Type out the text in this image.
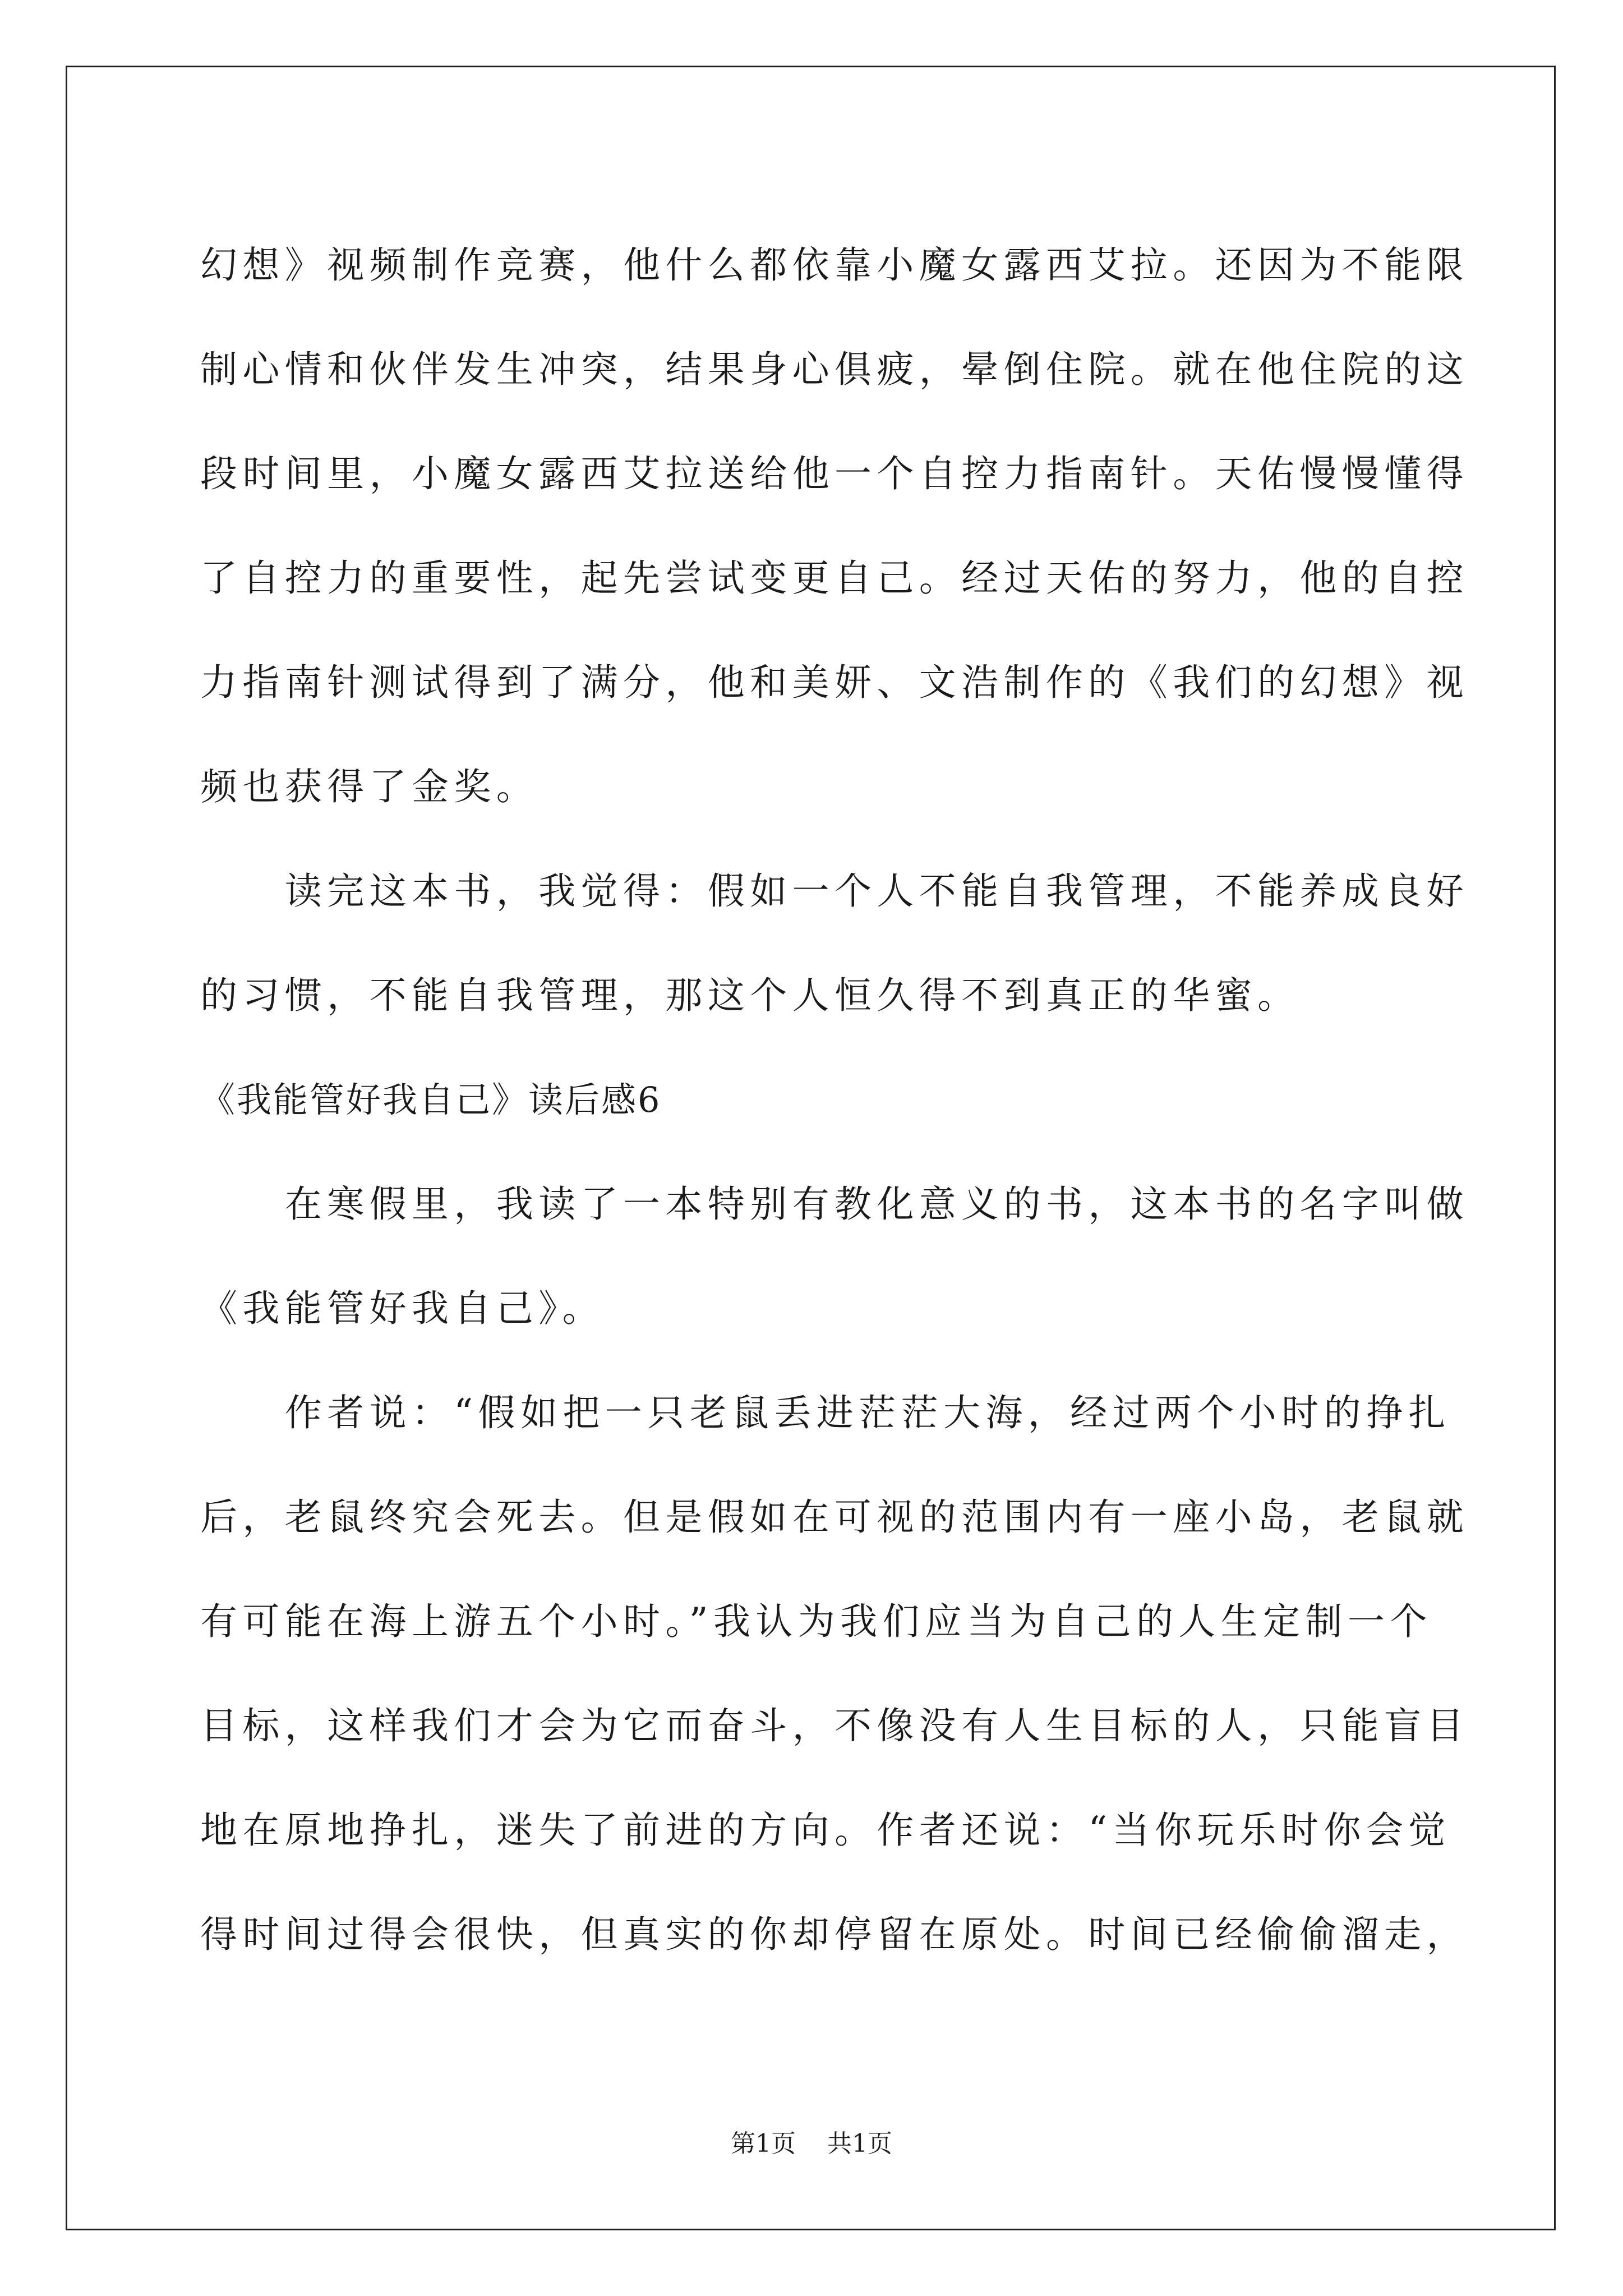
幻想》视频制作竞赛，他什么都依靠小魔女露西艾拉。还因为不能限
制心情和伙伴发生冲突，结果身心俱疲，晕倒住院。就在他住院的这
段时间里，小魔女露西艾拉送给他一个自控力指南针。天佑慢慢懂得
了自控力的重要性，起先尝试变更自己。经过天佑的努力，他的自控
力指南针测试得到了满分，他和美妍、文浩制作的《我们的幻想》视
频也获得了金奖。
　　读完这本书，我觉得：假如一个人不能自我管理，不能养成良好
的习惯，不能自我管理，那这个人恒久得不到真正的华蜜。
《我能管好我自己》读后感6
　　在寒假里，我读了一本特别有教化意义的书，这本书的名字叫做
《我能管好我自己》。
　　作者说：“假如把一只老鼠丢进茫茫大海，经过两个小时的挣扎
后，老鼠终究会死去。但是假如在可视的范围内有一座小岛，老鼠就
有可能在海上游五个小时。”我认为我们应当为自己的人生定制一个
目标，这样我们才会为它而奋斗，不像没有人生目标的人，只能盲目
地在原地挣扎，迷失了前进的方向。作者还说：“当你玩乐时你会觉
得时间过得会很快，但真实的你却停留在原处。时间已经偷偷溜走，
第1页    共1页
